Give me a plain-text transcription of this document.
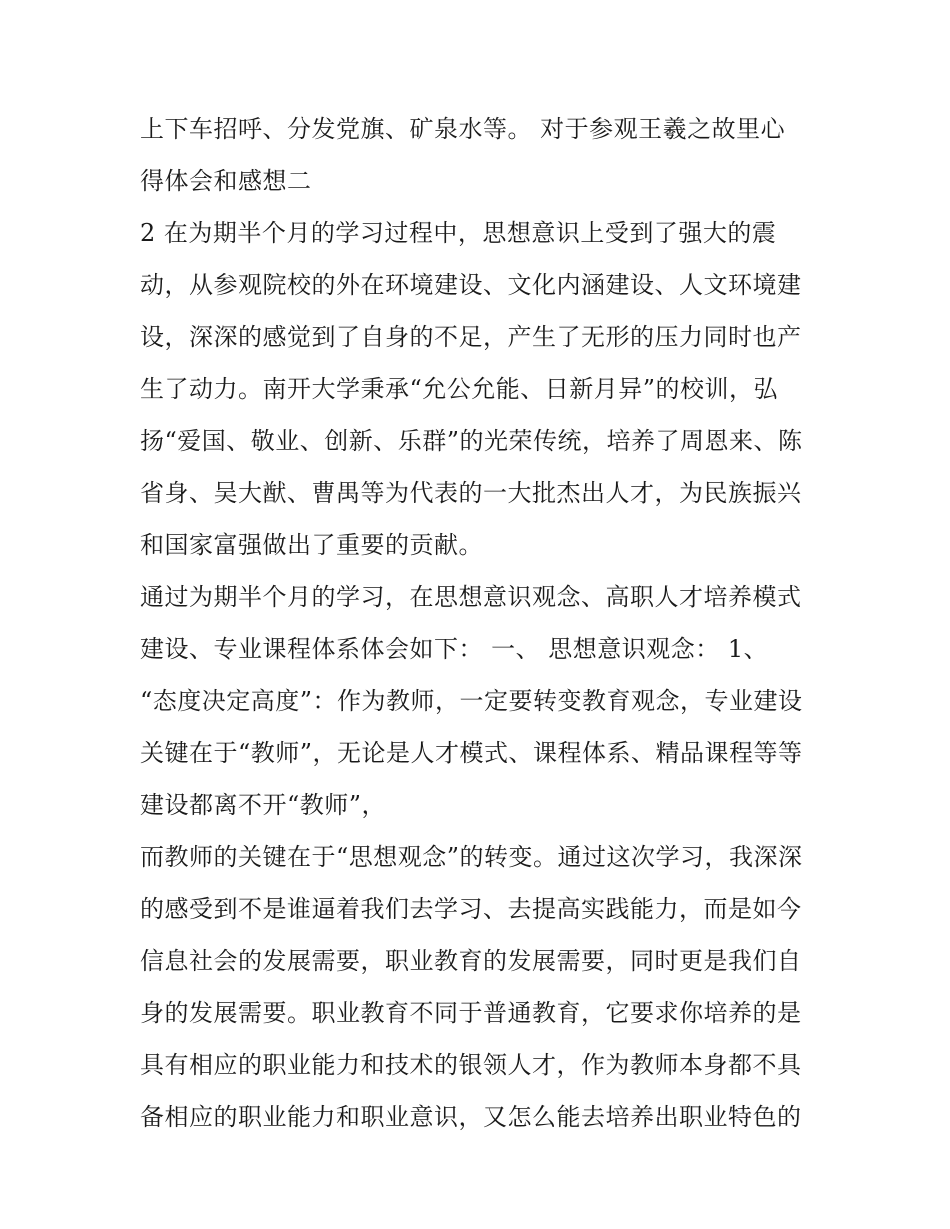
上下车招呼、分发党旗、矿泉水等。 对于参观王羲之故里心
得体会和感想二
2 在为期半个月的学习过程中，思想意识上受到了强大的震
动，从参观院校的外在环境建设、文化内涵建设、人文环境建
设，深深的感觉到了自身的不足，产生了无形的压力同时也产
生了动力。南开大学秉承“允公允能、日新月异”的校训，弘
扬“爱国、敬业、创新、乐群”的光荣传统，培养了周恩来、陈
省身、吴大猷、曹禺等为代表的一大批杰出人才，为民族振兴
和国家富强做出了重要的贡献。
通过为期半个月的学习，在思想意识观念、高职人才培养模式
建设、专业课程体系体会如下： 一、 思想意识观念： 1、
“态度决定高度”：作为教师，一定要转变教育观念，专业建设
关键在于“教师”，无论是人才模式、课程体系、精品课程等等
建设都离不开“教师”，
而教师的关键在于“思想观念”的转变。通过这次学习，我深深
的感受到不是谁逼着我们去学习、去提高实践能力，而是如今
信息社会的发展需要，职业教育的发展需要，同时更是我们自
身的发展需要。职业教育不同于普通教育，它要求你培养的是
具有相应的职业能力和技术的银领人才，作为教师本身都不具
备相应的职业能力和职业意识，又怎么能去培养出职业特色的
